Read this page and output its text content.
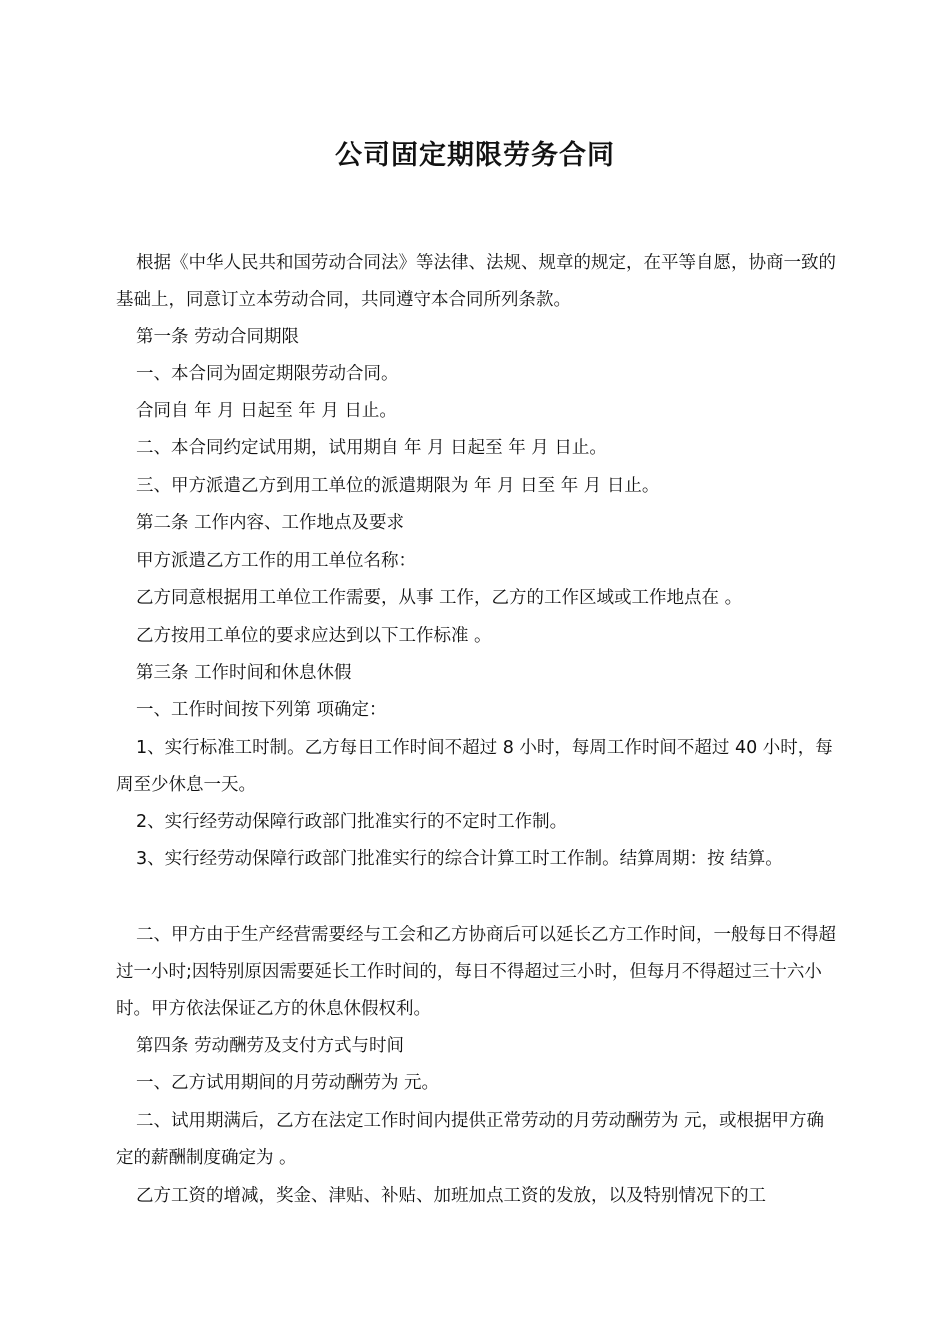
公司固定期限劳务合同

根据《中华人民共和国劳动合同法》等法律、法规、规章的规定，在平等自愿，协商一致的基础上，同意订立本劳动合同，共同遵守本合同所列条款。

第一条 劳动合同期限

一、本合同为固定期限劳动合同。

合同自 年 月 日起至 年 月 日止。

二、本合同约定试用期，试用期自 年 月 日起至 年 月 日止。

三、甲方派遣乙方到用工单位的派遣期限为 年 月 日至 年 月 日止。

第二条 工作内容、工作地点及要求

甲方派遣乙方工作的用工单位名称：

乙方同意根据用工单位工作需要，从事 工作，乙方的工作区域或工作地点在 。

乙方按用工单位的要求应达到以下工作标准 。

第三条 工作时间和休息休假

一、工作时间按下列第 项确定：

1、实行标准工时制。乙方每日工作时间不超过 8 小时，每周工作时间不超过 40 小时，每周至少休息一天。

2、实行经劳动保障行政部门批准实行的不定时工作制。

3、实行经劳动保障行政部门批准实行的综合计算工时工作制。结算周期：按 结算。

二、甲方由于生产经营需要经与工会和乙方协商后可以延长乙方工作时间，一般每日不得超过一小时;因特别原因需要延长工作时间的，每日不得超过三小时，但每月不得超过三十六小时。甲方依法保证乙方的休息休假权利。

第四条 劳动酬劳及支付方式与时间

一、乙方试用期间的月劳动酬劳为 元。

二、试用期满后，乙方在法定工作时间内提供正常劳动的月劳动酬劳为 元，或根据甲方确定的薪酬制度确定为 。

乙方工资的增减，奖金、津贴、补贴、加班加点工资的发放，以及特别情况下的工
